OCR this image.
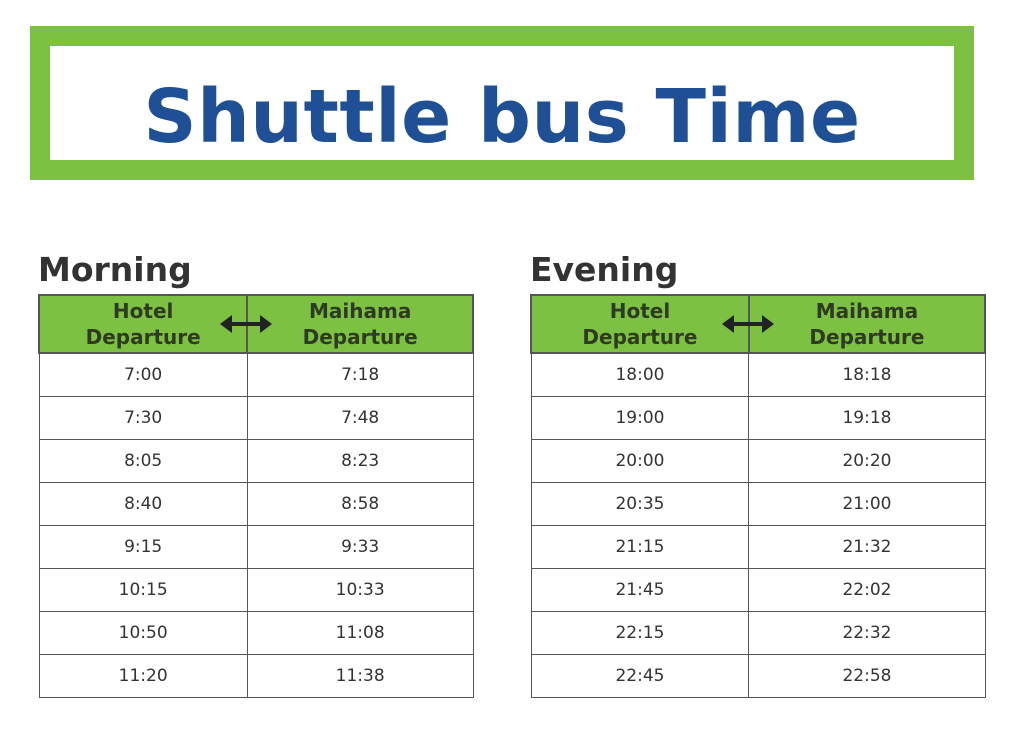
Shuttle bus Time
Morning
Hotel
Departure	Maihama
Departure
7:00	7:18
7:30	7:48
8:05	8:23
8:40	8:58
9:15	9:33
10:15	10:33
10:50	11:08
11:20	11:38
Evening
Hotel
Departure	Maihama
Departure
18:00	18:18
19:00	19:18
20:00	20:20
20:35	21:00
21:15	21:32
21:45	22:02
22:15	22:32
22:45	22:58
